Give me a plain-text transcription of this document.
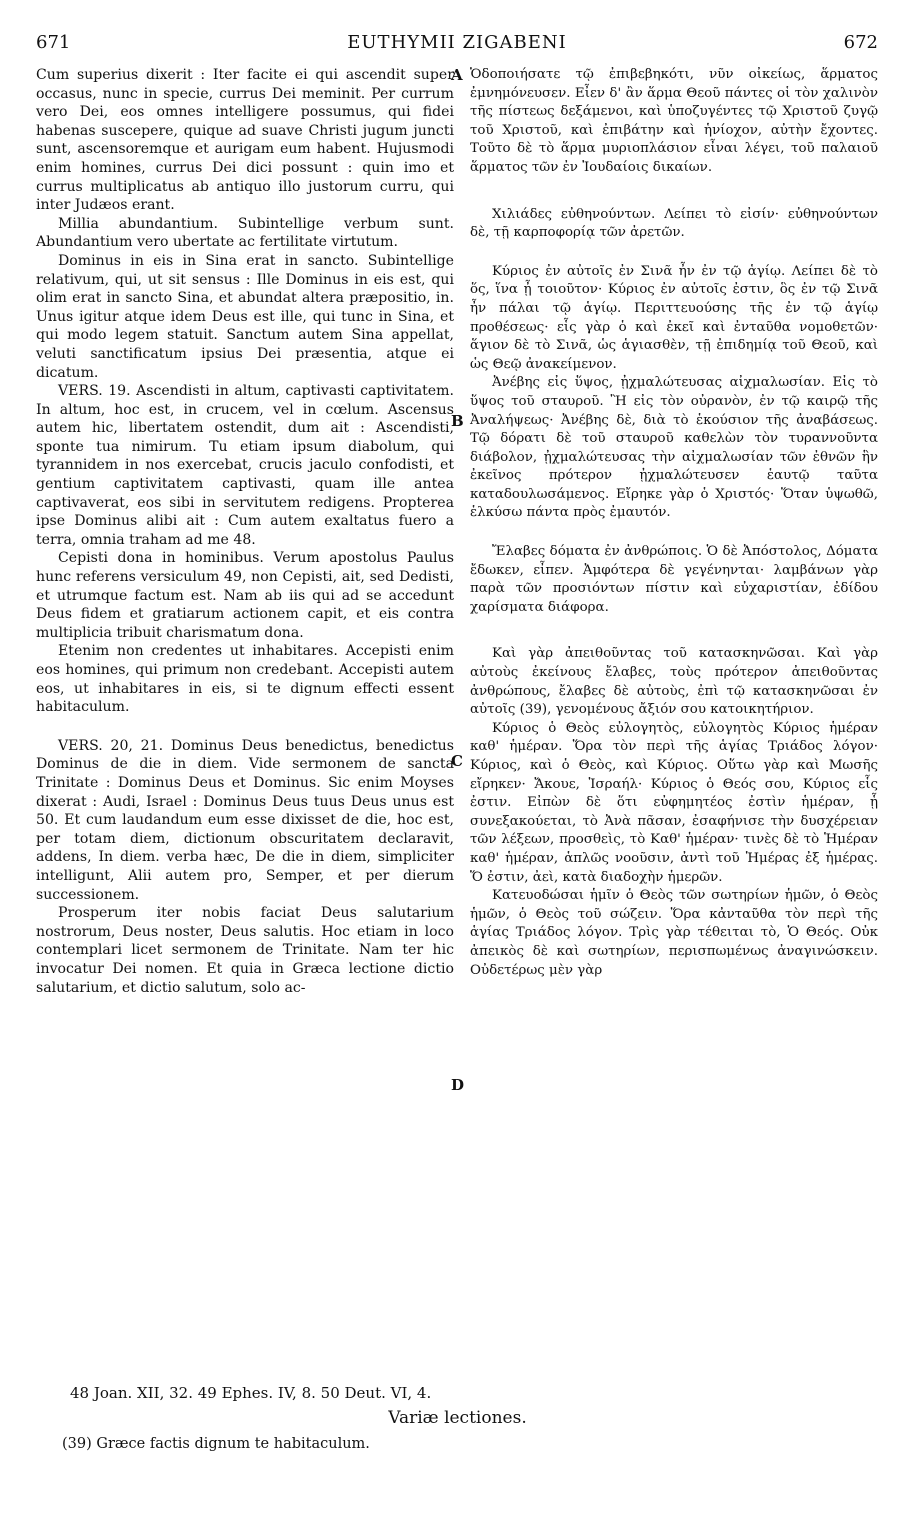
671	EUTHYMII ZIGABENI	672

Cum superius dixerit : Iter facite ei qui ascendit super occasus, nunc in specie, currus Dei meminit. Per currum vero Dei, eos omnes intelligere possumus, qui fidei habenas suscepere, quique ad suave Christi jugum juncti sunt, ascensoremque et aurigam eum habent. Hujusmodi enim homines, currus Dei dici possunt : quin imo et currus multiplicatus ab antiquo illo justorum curru, qui inter Judæos erant.

Millia abundantium. Subintellige verbum sunt. Abundantium vero ubertate ac fertilitate virtutum.

Dominus in eis in Sina erat in sancto. Subintellige relativum, qui, ut sit sensus : Ille Dominus in eis est, qui olim erat in sancto Sina, et abundat altera præpositio, in. Unus igitur atque idem Deus est ille, qui tunc in Sina, et qui modo legem statuit. Sanctum autem Sina appellat, veluti sanctificatum ipsius Dei præsentia, atque ei dicatum.

VERS. 19. Ascendisti in altum, captivasti captivitatem. In altum, hoc est, in crucem, vel in cœlum. Ascensus autem hic, libertatem ostendit, dum ait : Ascendisti, sponte tua nimirum. Tu etiam ipsum diabolum, qui tyrannidem in nos exercebat, crucis jaculo confodisti, et gentium captivitatem captivasti, quam ille antea captivaverat, eos sibi in servitutem redigens. Propterea ipse Dominus alibi ait : Cum autem exaltatus fuero a terra, omnia traham ad me 48.

Cepisti dona in hominibus. Verum apostolus Paulus hunc referens versiculum 49, non Cepisti, ait, sed Dedisti, et utrumque factum est. Nam ab iis qui ad se accedunt Deus fidem et gratiarum actionem capit, et eis contra multiplicia tribuit charismatum dona.

Etenim non credentes ut inhabitares. Accepisti enim eos homines, qui primum non credebant. Accepisti autem eos, ut inhabitares in eis, si te dignum effecti essent habitaculum.

VERS. 20, 21. Dominus Deus benedictus, benedictus Dominus de die in diem. Vide sermonem de sancta Trinitate : Dominus Deus et Dominus. Sic enim Moyses dixerat : Audi, Israel : Dominus Deus tuus Deus unus est 50. Et cum laudandum eum esse dixisset de die, hoc est, per totam diem, dictionum obscuritatem declaravit, addens, In diem. verba hæc, De die in diem, simpliciter intelligunt, Alii autem pro, Semper, et per dierum successionem.

Prosperum iter nobis faciat Deus salutarium nostrorum, Deus noster, Deus salutis. Hoc etiam in loco contemplari licet sermonem de Trinitate. Nam ter hic invocatur Dei nomen. Et quia in Græca lectione dictio salutarium, et dictio salutum, solo ac-

A
B
C
D

Ὁδοποιήσατε τῷ ἐπιβεβηκότι, νῦν οἰκείως, ἅρματος ἐμνημόνευσεν. Εἶεν δ' ἂν ἅρμα Θεοῦ πάντες οἱ τὸν χαλινὸν τῆς πίστεως δεξάμενοι, καὶ ὑποζυγέντες τῷ Χριστοῦ ζυγῷ τοῦ Χριστοῦ, καὶ ἐπιβάτην καὶ ἡνίοχον, αὐτὴν ἔχοντες. Τοῦτο δὲ τὸ ἅρμα μυριοπλάσιον εἶναι λέγει, τοῦ παλαιοῦ ἅρματος τῶν ἐν Ἰουδαίοις δικαίων.

Χιλιάδες εὐθηνούντων. Λείπει τὸ εἰσίν· εὐθηνούντων δὲ, τῇ καρποφορίᾳ τῶν ἀρετῶν.

Κύριος ἐν αὐτοῖς ἐν Σινᾶ ἦν ἐν τῷ ἁγίῳ. Λείπει δὲ τὸ ὅς, ἵνα ᾖ τοιοῦτον· Κύριος ἐν αὐτοῖς ἐστιν, ὃς ἐν τῷ Σινᾶ ἦν πάλαι τῷ ἁγίῳ. Περιττευούσης τῆς ἐν τῷ ἁγίῳ προθέσεως· εἷς γὰρ ὁ καὶ ἐκεῖ καὶ ἐνταῦθα νομοθετῶν· ἅγιον δὲ τὸ Σινᾶ, ὡς ἁγιασθὲν, τῇ ἐπιδημίᾳ τοῦ Θεοῦ, καὶ ὡς Θεῷ ἀνακείμενον.

Ἀνέβης εἰς ὕψος, ᾐχμαλώτευσας αἰχμαλωσίαν. Εἰς τὸ ὕψος τοῦ σταυροῦ. Ἢ εἰς τὸν οὐρανὸν, ἐν τῷ καιρῷ τῆς Ἀναλήψεως· Ἀνέβης δὲ, διὰ τὸ ἑκούσιον τῆς ἀναβάσεως. Τῷ δόρατι δὲ τοῦ σταυροῦ καθελὼν τὸν τυραννοῦντα διάβολον, ᾐχμαλώτευσας τὴν αἰχμαλωσίαν τῶν ἐθνῶν ἣν ἐκεῖνος πρότερον ᾐχμαλώτευσεν ἑαυτῷ ταῦτα καταδουλωσάμενος. Εἴρηκε γὰρ ὁ Χριστός· Ὅταν ὑψωθῶ, ἑλκύσω πάντα πρὸς ἐμαυτόν.

Ἔλαβες δόματα ἐν ἀνθρώποις. Ὁ δὲ Ἀπόστολος, Δόματα ἔδωκεν, εἶπεν. Ἀμφότερα δὲ γεγένηνται· λαμβάνων γὰρ παρὰ τῶν προσιόντων πίστιν καὶ εὐχαριστίαν, ἐδίδου χαρίσματα διάφορα.

Καὶ γὰρ ἀπειθοῦντας τοῦ κατασκηνῶσαι. Καὶ γὰρ αὐτοὺς ἐκείνους ἔλαβες, τοὺς πρότερον ἀπειθοῦντας ἀνθρώπους, ἔλαβες δὲ αὐτοὺς, ἐπὶ τῷ κατασκηνῶσαι ἐν αὐτοῖς (39), γενομένους ἄξιόν σου κατοικητήριον.

Κύριος ὁ Θεὸς εὐλογητὸς, εὐλογητὸς Κύριος ἡμέραν καθ' ἡμέραν. Ὅρα τὸν περὶ τῆς ἁγίας Τριάδος λόγον· Κύριος, καὶ ὁ Θεὸς, καὶ Κύριος. Οὕτω γὰρ καὶ Μωσῆς εἴρηκεν· Ἄκουε, Ἰσραήλ· Κύριος ὁ Θεός σου, Κύριος εἷς ἐστιν. Εἰπὼν δὲ ὅτι εὐφημητέος ἐστὶν ἡμέραν, ᾗ συνεξακούεται, τὸ Ἀνὰ πᾶσαν, ἐσαφήνισε τὴν δυσχέρειαν τῶν λέξεων, προσθεὶς, τὸ Καθ' ἡμέραν· τινὲς δὲ τὸ Ἡμέραν καθ' ἡμέραν, ἁπλῶς νοοῦσιν, ἀντὶ τοῦ Ἡμέρας ἐξ ἡμέρας. Ὅ ἐστιν, ἀεὶ, κατὰ διαδοχὴν ἡμερῶν.

Κατευοδώσαι ἡμῖν ὁ Θεὸς τῶν σωτηρίων ἡμῶν, ὁ Θεὸς ἡμῶν, ὁ Θεὸς τοῦ σώζειν. Ὅρα κἀνταῦθα τὸν περὶ τῆς ἁγίας Τριάδος λόγον. Τρὶς γὰρ τέθειται τὸ, Ὁ Θεός. Οὐκ ἀπεικὸς δὲ καὶ σωτηρίων, περισπωμένως ἀναγινώσκειν. Οὐδετέρως μὲν γὰρ

48 Joan. XII, 32. 49 Ephes. IV, 8. 50 Deut. VI, 4.
Variæ lectiones.
(39) Græce factis dignum te habitaculum.
